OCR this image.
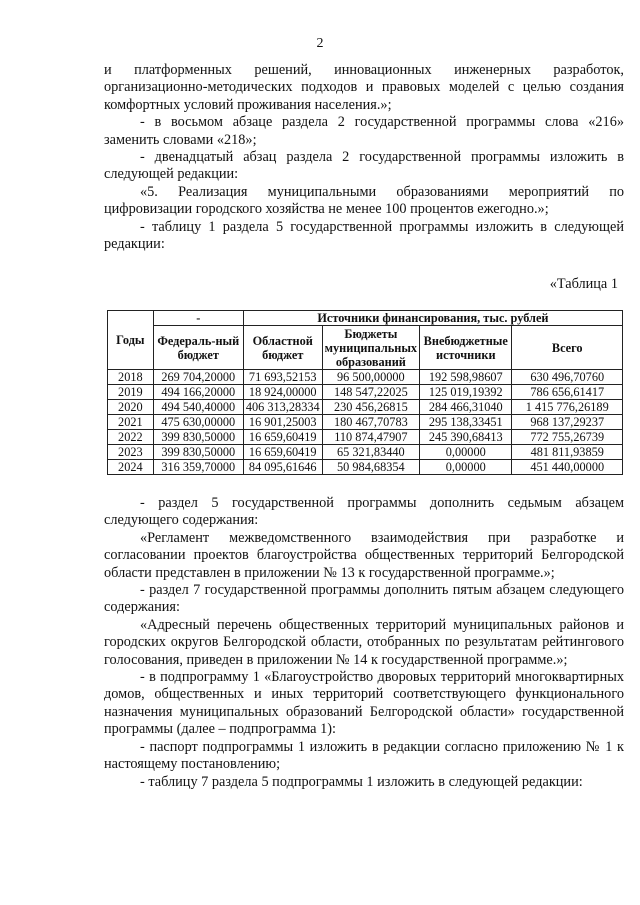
2

и платформенных решений, инновационных инженерных разработок, организационно-методических подходов и правовых моделей с целью создания комфортных условий проживания населения.»;

- в восьмом абзаце раздела 2 государственной программы слова «216» заменить словами «218»;

- двенадцатый абзац раздела 2 государственной программы изложить в следующей редакции:

«5. Реализация муниципальными образованиями мероприятий по цифровизации городского хозяйства не менее 100 процентов ежегодно.»;

- таблицу 1 раздела 5 государственной программы изложить в следующей редакции:

«Таблица 1
Годы	-	Источники финансирования, тыс. рублей			
	Федераль-ный бюджет	Областной бюджет	Бюджеты муниципальных образований	Внебюджетные источники	Всего
2018	269 704,20000	71 693,52153	96 500,00000	192 598,98607	630 496,70760
2019	494 166,20000	18 924,00000	148 547,22025	125 019,19392	786 656,61417
2020	494 540,40000	406 313,28334	230 456,26815	284 466,31040	1 415 776,26189
2021	475 630,00000	16 901,25003	180 467,70783	295 138,33451	968 137,29237
2022	399 830,50000	16 659,60419	110 874,47907	245 390,68413	772 755,26739
2023	399 830,50000	16 659,60419	65 321,83440	0,00000	481 811,93859
2024	316 359,70000	84 095,61646	50 984,68354	0,00000	451 440,00000

- раздел 5 государственной программы дополнить седьмым абзацем следующего содержания:

«Регламент межведомственного взаимодействия при разработке и согласовании проектов благоустройства общественных территорий Белгородской области представлен в приложении № 13 к государственной программе.»;

- раздел 7 государственной программы дополнить пятым абзацем следующего содержания:

«Адресный перечень общественных территорий муниципальных районов и городских округов Белгородской области, отобранных по результатам рейтингового голосования, приведен в приложении № 14 к государственной программе.»;

- в подпрограмму 1 «Благоустройство дворовых территорий многоквартирных домов, общественных и иных территорий соответствующего функционального назначения муниципальных образований Белгородской области» государственной программы (далее – подпрограмма 1):

- паспорт подпрограммы 1 изложить в редакции согласно приложению № 1 к настоящему постановлению;

- таблицу 7 раздела 5 подпрограммы 1 изложить в следующей редакции:
